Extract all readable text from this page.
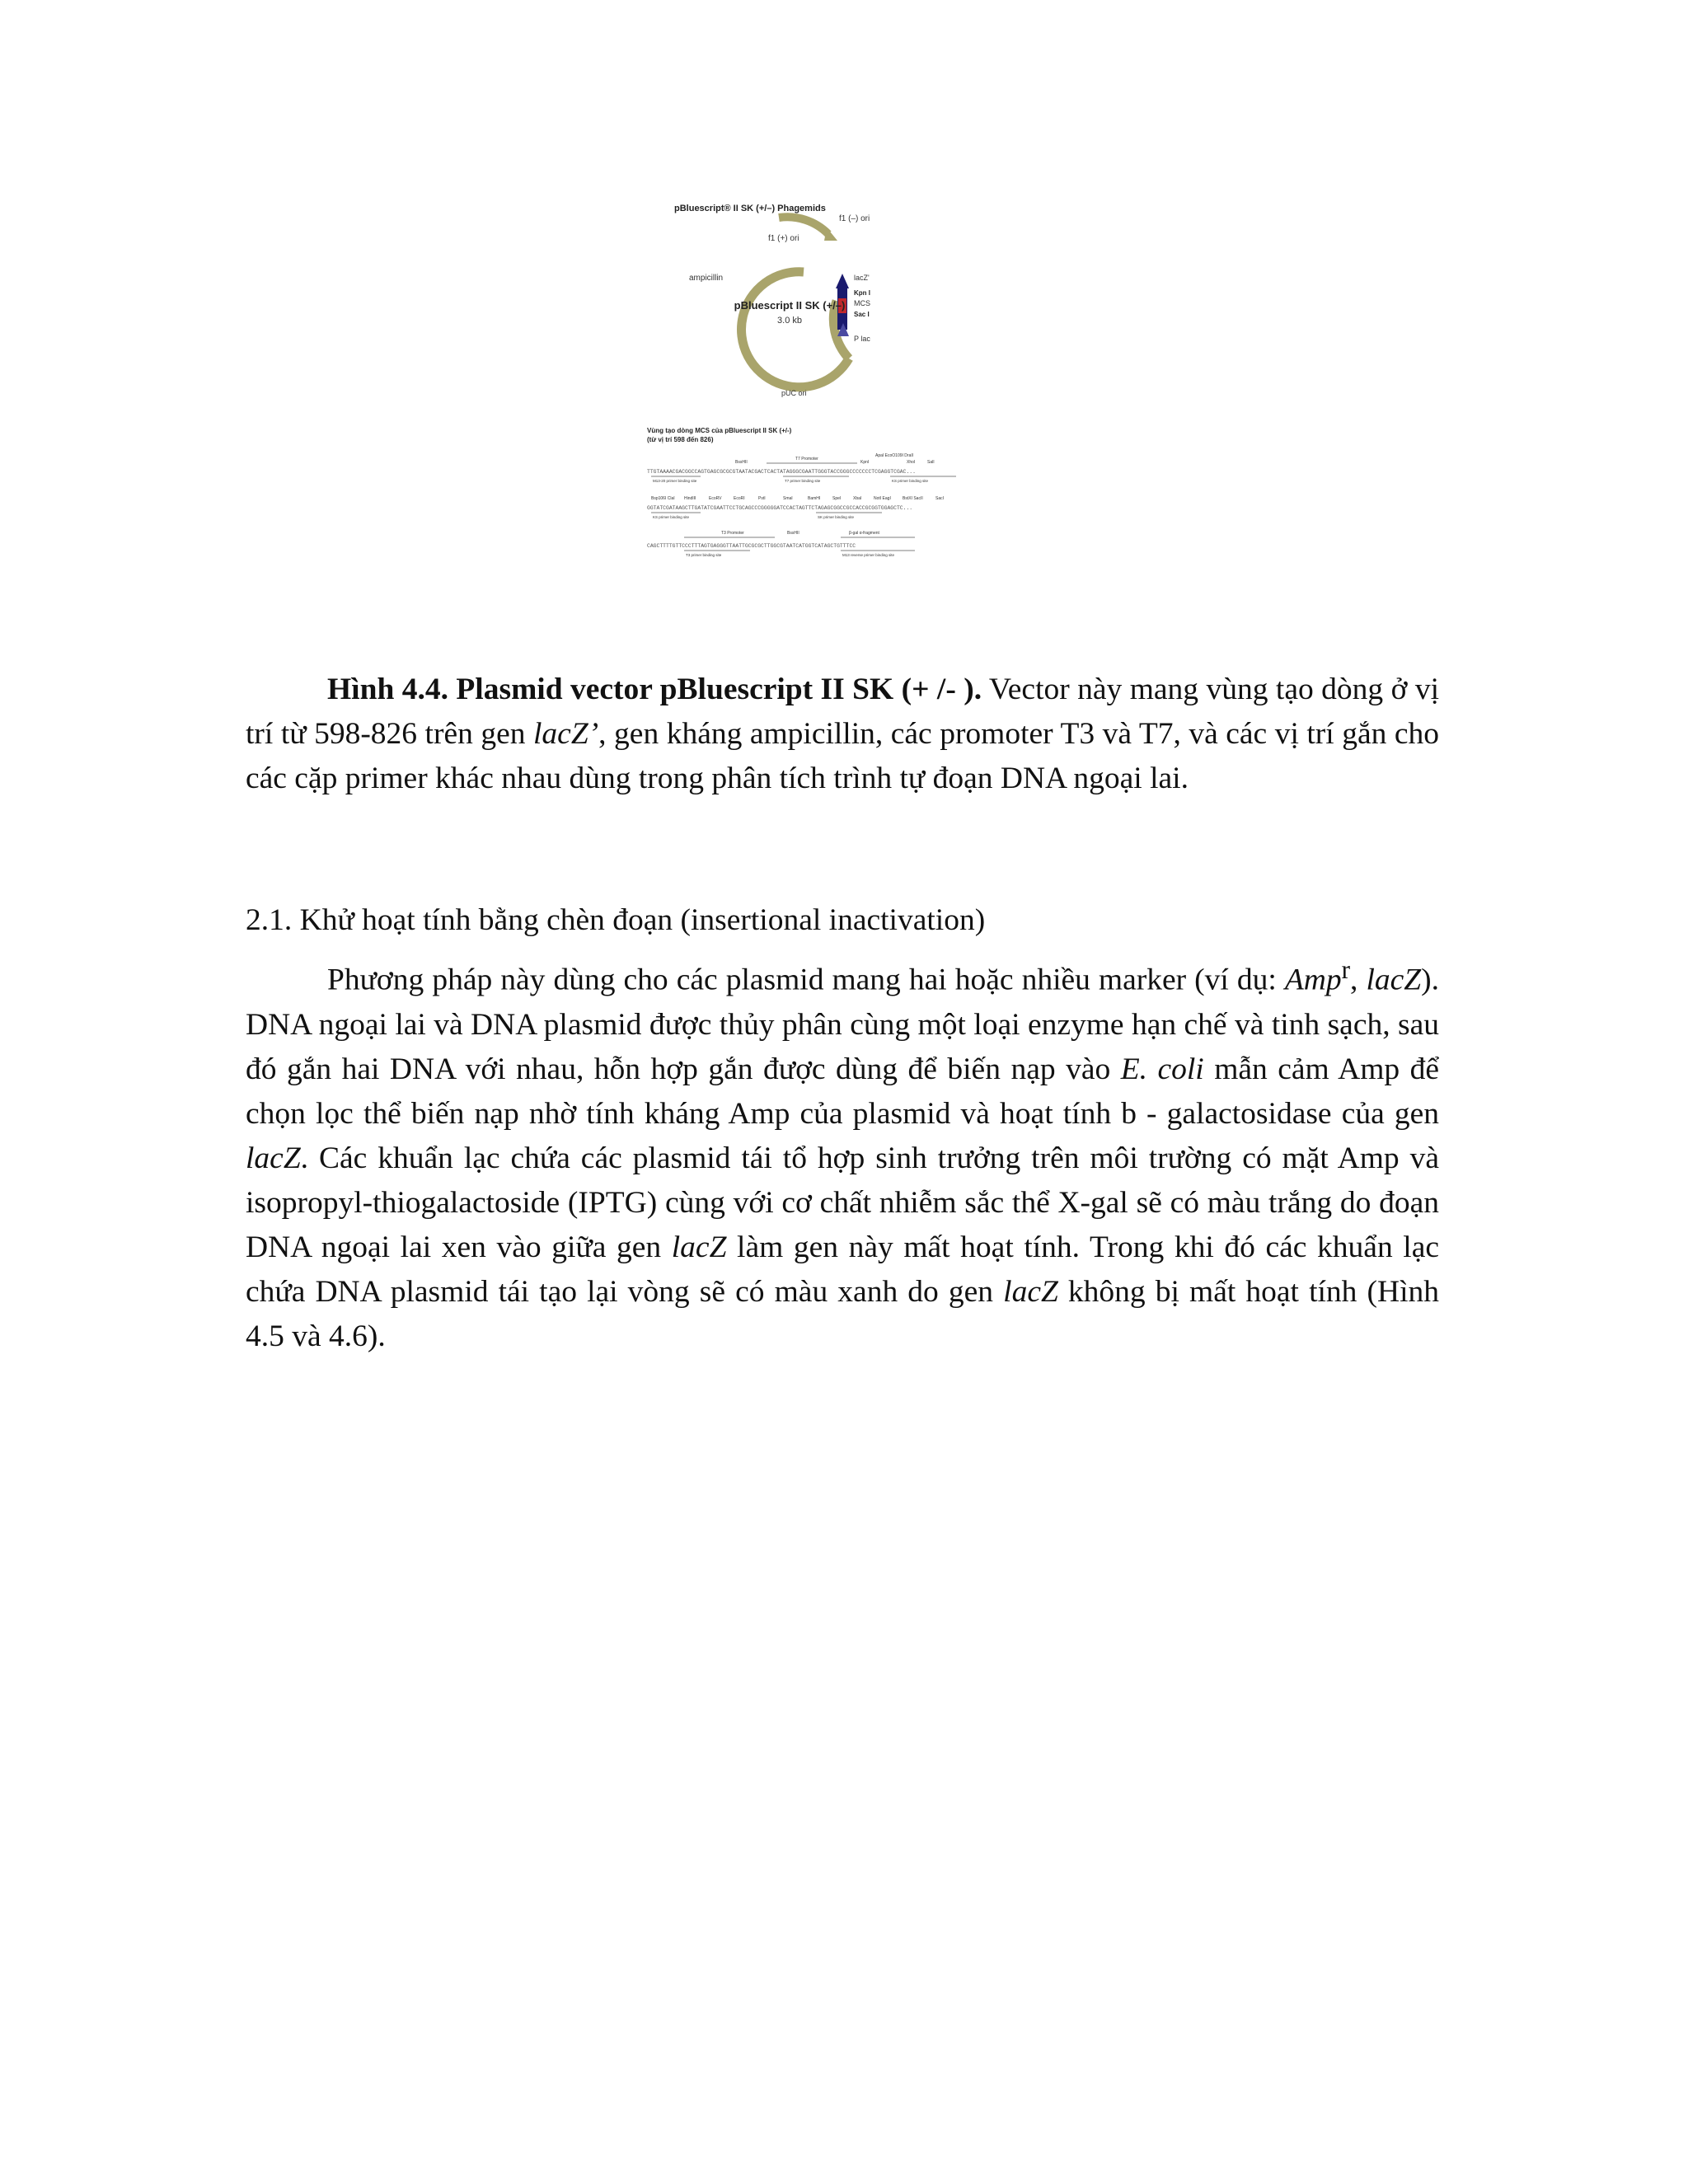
pBluescript® II SK (+/–) Phagemids
pBluescript II SK (+/–)
3.0 kb
f1 (–) ori
f1 (+) ori
ampicillin	lacZ'
Kpn I
MCS
Sac I
P lac
pUC ori
Vùng tạo dòng MCS của pBluescript II SK (+/-)
(từ vị trí 598 đến 826)
BssHII
T7 Promoter
KpnI
ApaI EcoO109I DraII
XhoI	SalI
TTGTAAAACGACGGCCAGTGAGCGCGCGTAATACGACTCACTATAGGGCGAATTGGGTACCGGGCCCCCCCTCGAGGTCGAC...
M13-20 primer binding site	T7 primer binding site	KS primer binding site
Bsp106I ClaI HindIII	EcoRV	EcoRI	PstI	SmaI	BamHI	SpeI	XbaI	NotI EagI	BstXI SacII	SacI
GGTATCGATAAGCTTGATATCGAATTCCTGCAGCCCGGGGGATCCACTAGTTCTAGAGCGGCCGCCACCGCGGTGGAGCTC...
KS primer binding site	SK primer binding site
T3 Promoter	BssHII	β-gal α-fragment
CAGCTTTTGTTCCCTTTAGTGAGGGTTAATTGCGCGCTTGGCGTAATCATGGTCATAGCTGTTTCC
T3 primer binding site	M13 reverse primer binding site

Hình 4.4. Plasmid vector pBluescript II SK (+ /- ). Vector này mang vùng tạo dòng ở vị trí từ 598-826 trên gen lacZ’, gen kháng ampicillin, các promoter T3 và T7, và các vị trí gắn cho các cặp primer khác nhau dùng trong phân tích trình tự đoạn DNA ngoại lai.

2.1. Khử hoạt tính bằng chèn đoạn (insertional inactivation)

Phương pháp này dùng cho các plasmid mang hai hoặc nhiều marker (ví dụ: Amp$^r$, lacZ). DNA ngoại lai và DNA plasmid được thủy phân cùng một loại enzyme hạn chế và tinh sạch, sau đó gắn hai DNA với nhau, hỗn hợp gắn được dùng để biến nạp vào E. coli mẫn cảm Amp để chọn lọc thể biến nạp nhờ tính kháng Amp của plasmid và hoạt tính b - galactosidase của gen lacZ. Các khuẩn lạc chứa các plasmid tái tổ hợp sinh trưởng trên môi trường có mặt Amp và isopropyl-thiogalactoside (IPTG) cùng với cơ chất nhiễm sắc thể X-gal sẽ có màu trắng do đoạn DNA ngoại lai xen vào giữa gen lacZ làm gen này mất hoạt tính. Trong khi đó các khuẩn lạc chứa DNA plasmid tái tạo lại vòng sẽ có màu xanh do gen lacZ không bị mất hoạt tính (Hình 4.5 và 4.6).
